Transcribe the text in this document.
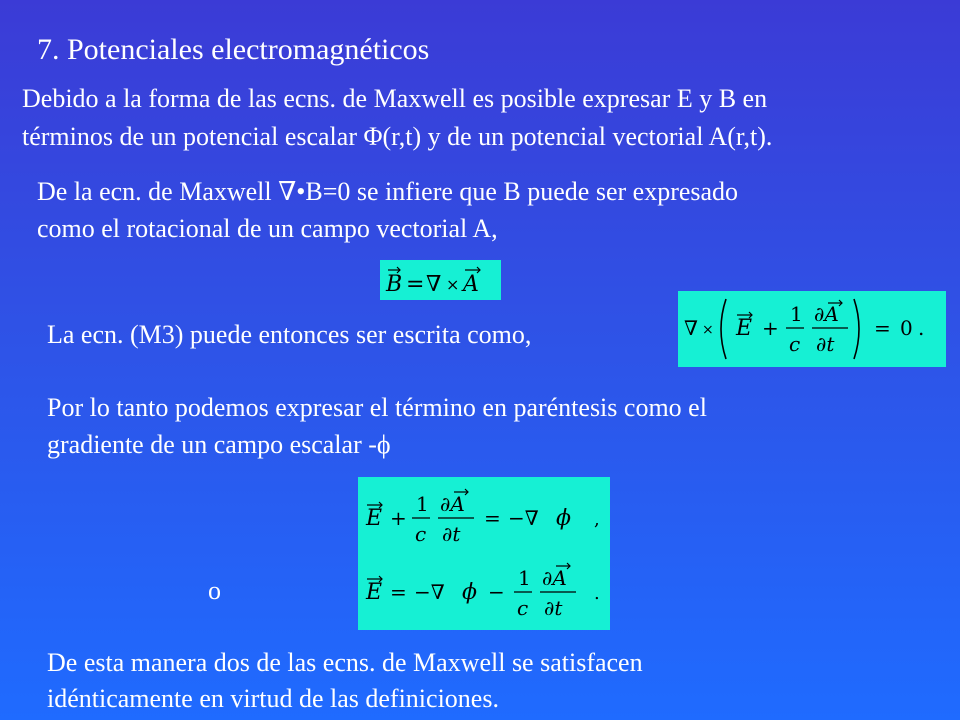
7. Potenciales electromagnéticos
Debido a la forma de las ecns. de Maxwell es posible expresar E y B en
términos de un potencial escalar Φ(r,t) y de un potencial vectorial A(r,t).
De la ecn. de Maxwell ∇•B=0 se infiere que B puede ser expresado
como el rotacional de un campo vectorial A,
B = ∇ × A
La ecn. (M3) puede entonces ser escrita como,	∇ × E +
1
c
∂A
∂t
= 0 .
Por lo tanto podemos expresar el término en paréntesis como el
gradiente de un campo escalar -ϕ
E +
1
c
∂A
∂t
= −∇ ϕ ,
E = −∇ ϕ −
1
c
∂A
∂t
.
o
De esta manera dos de las ecns. de Maxwell se satisfacen
idénticamente en virtud de las definiciones.
